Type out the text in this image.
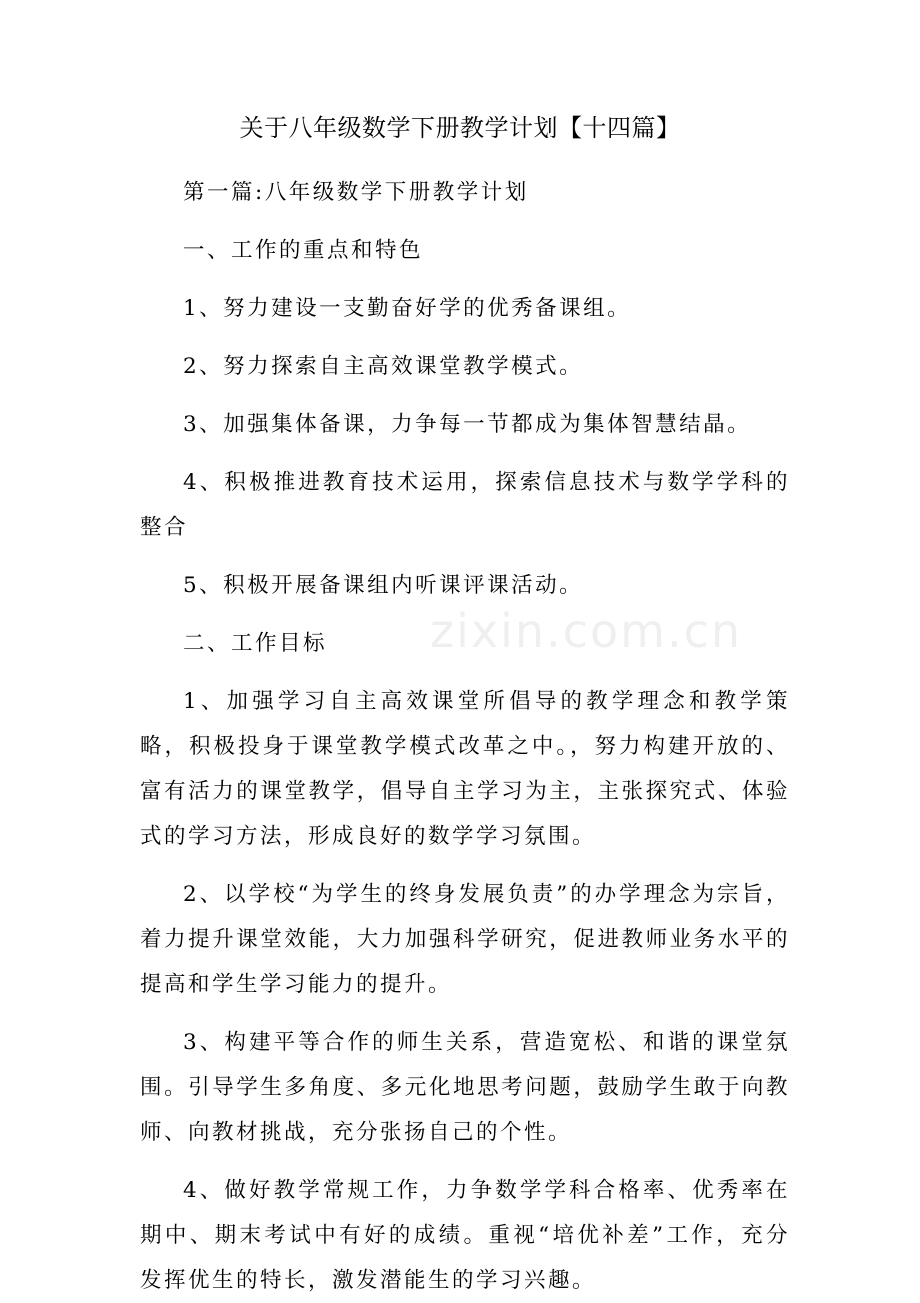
关于八年级数学下册教学计划【十四篇】

第一篇:八年级数学下册教学计划

一、工作的重点和特色

1、努力建设一支勤奋好学的优秀备课组。

2、努力探索自主高效课堂教学模式。

3、加强集体备课，力争每一节都成为集体智慧结晶。

4、积极推进教育技术运用，探索信息技术与数学学科的整合

5、积极开展备课组内听课评课活动。

二、工作目标

1、加强学习自主高效课堂所倡导的教学理念和教学策略，积极投身于课堂教学模式改革之中。，努力构建开放的、富有活力的课堂教学，倡导自主学习为主，主张探究式、体验式的学习方法，形成良好的数学学习氛围。

2、以学校“为学生的终身发展负责”的办学理念为宗旨，着力提升课堂效能，大力加强科学研究，促进教师业务水平的提高和学生学习能力的提升。

3、构建平等合作的师生关系，营造宽松、和谐的课堂氛围。引导学生多角度、多元化地思考问题，鼓励学生敢于向教师、向教材挑战，充分张扬自己的个性。

4、做好教学常规工作，力争数学学科合格率、优秀率在期中、期末考试中有好的成绩。重视“培优补差”工作，充分发挥优生的特长，激发潜能生的学习兴趣。

zixin.com.cn
